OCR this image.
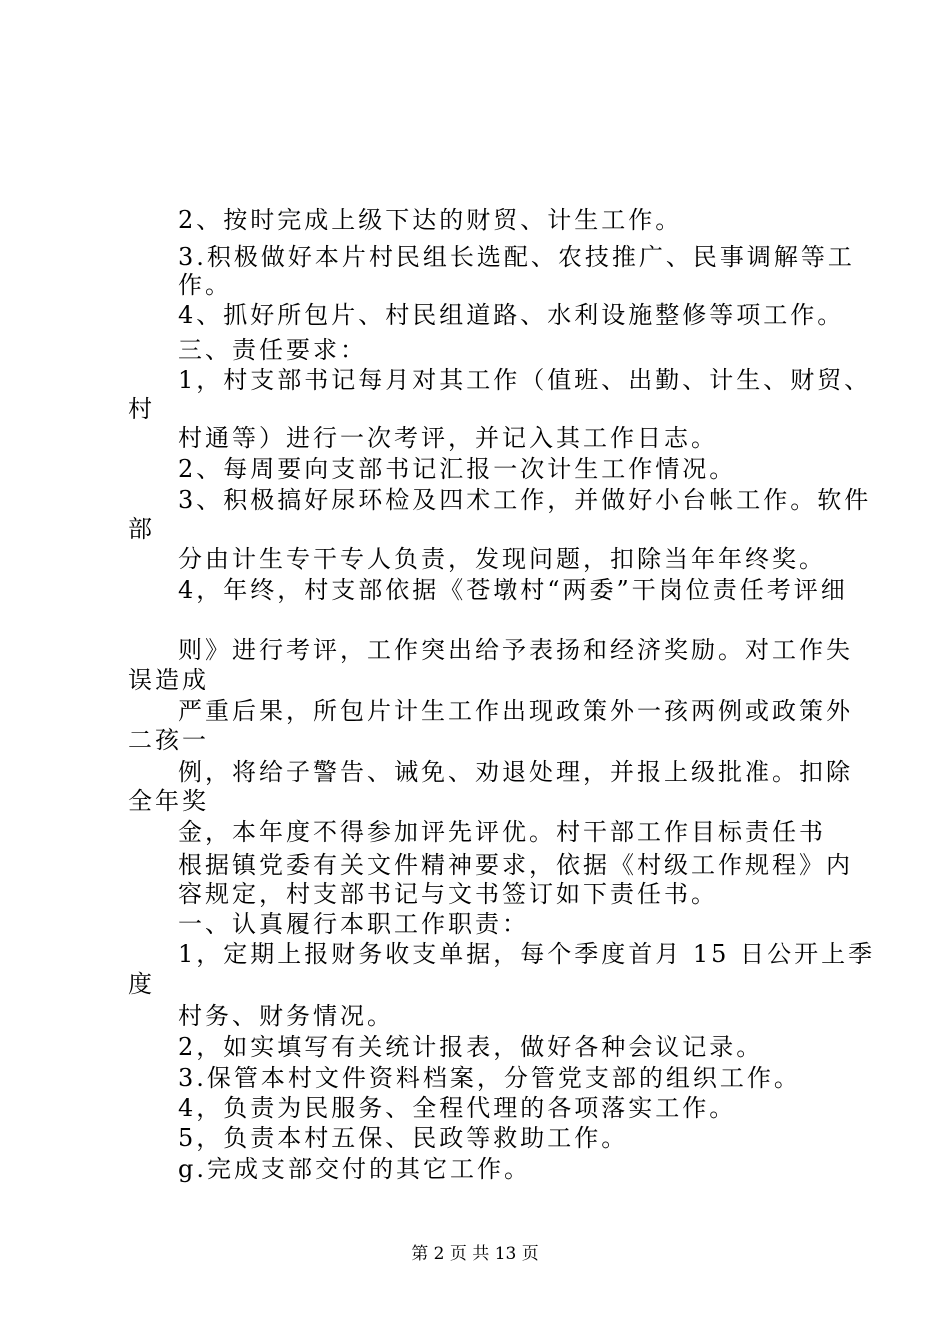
2、按时完成上级下达的财贸、计生工作。
3.积极做好本片村民组长选配、农技推广、民事调解等工
作。
4、抓好所包片、村民组道路、水利设施整修等项工作。
三、责任要求：
1，村支部书记每月对其工作（值班、出勤、计生、财贸、
村
村通等）进行一次考评，并记入其工作日志。
2、每周要向支部书记汇报一次计生工作情况。
3、积极搞好尿环检及四术工作，并做好小台帐工作。软件
部
分由计生专干专人负责，发现问题，扣除当年年终奖。
4，年终，村支部依据《苍墩村“两委”干岗位责任考评细
则》进行考评，工作突出给予表扬和经济奖励。对工作失
误造成
严重后果，所包片计生工作出现政策外一孩两例或政策外
二孩一
例，将给子警告、诫免、劝退处理，并报上级批准。扣除
全年奖
金，本年度不得参加评先评优。村干部工作目标责任书
根据镇党委有关文件精神要求，依据《村级工作规程》内
容规定，村支部书记与文书签订如下责任书。
一、认真履行本职工作职责：
1，定期上报财务收支单据，每个季度首月 15 日公开上季
度
村务、财务情况。
2，如实填写有关统计报表，做好各种会议记录。
3.保管本村文件资料档案，分管党支部的组织工作。
4，负责为民服务、全程代理的各项落实工作。
5，负责本村五保、民政等救助工作。
g.完成支部交付的其它工作。
第 2 页 共 13 页
